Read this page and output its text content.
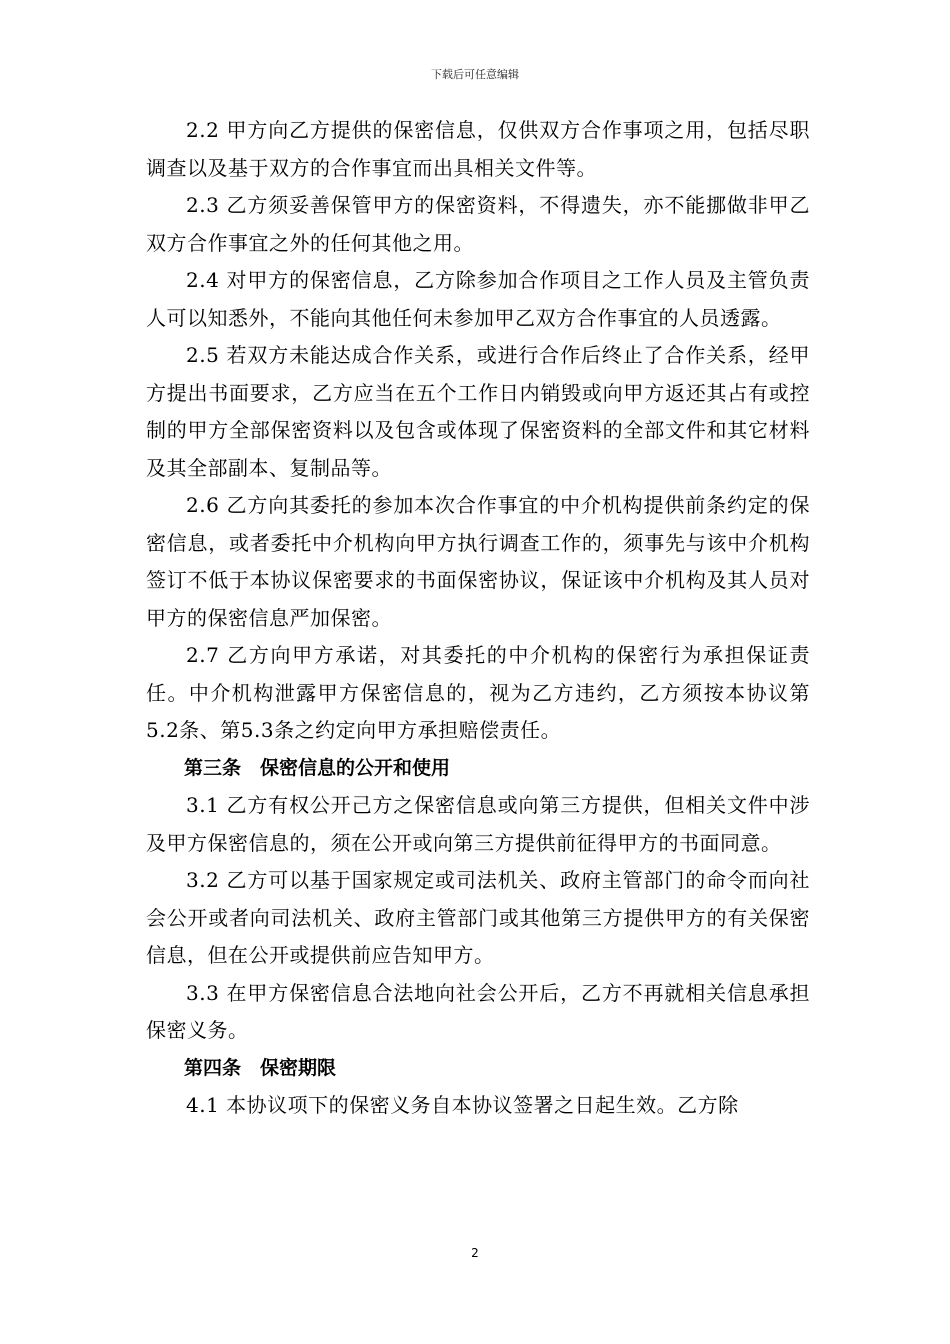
下载后可任意编辑

2.2 甲方向乙方提供的保密信息，仅供双方合作事项之用，包括尽职调查以及基于双方的合作事宜而出具相关文件等。

2.3 乙方须妥善保管甲方的保密资料，不得遗失，亦不能挪做非甲乙双方合作事宜之外的任何其他之用。

2.4 对甲方的保密信息，乙方除参加合作项目之工作人员及主管负责人可以知悉外，不能向其他任何未参加甲乙双方合作事宜的人员透露。

2.5 若双方未能达成合作关系，或进行合作后终止了合作关系，经甲方提出书面要求，乙方应当在五个工作日内销毁或向甲方返还其占有或控制的甲方全部保密资料以及包含或体现了保密资料的全部文件和其它材料及其全部副本、复制品等。

2.6 乙方向其委托的参加本次合作事宜的中介机构提供前条约定的保密信息，或者委托中介机构向甲方执行调查工作的，须事先与该中介机构签订不低于本协议保密要求的书面保密协议，保证该中介机构及其人员对甲方的保密信息严加保密。

2.7 乙方向甲方承诺，对其委托的中介机构的保密行为承担保证责任。中介机构泄露甲方保密信息的，视为乙方违约，乙方须按本协议第5.2条、第5.3条之约定向甲方承担赔偿责任。

第三条　保密信息的公开和使用

3.1 乙方有权公开己方之保密信息或向第三方提供，但相关文件中涉及甲方保密信息的，须在公开或向第三方提供前征得甲方的书面同意。

3.2 乙方可以基于国家规定或司法机关、政府主管部门的命令而向社会公开或者向司法机关、政府主管部门或其他第三方提供甲方的有关保密信息，但在公开或提供前应告知甲方。

3.3 在甲方保密信息合法地向社会公开后，乙方不再就相关信息承担保密义务。

第四条　保密期限

4.1 本协议项下的保密义务自本协议签署之日起生效。乙方除

2
